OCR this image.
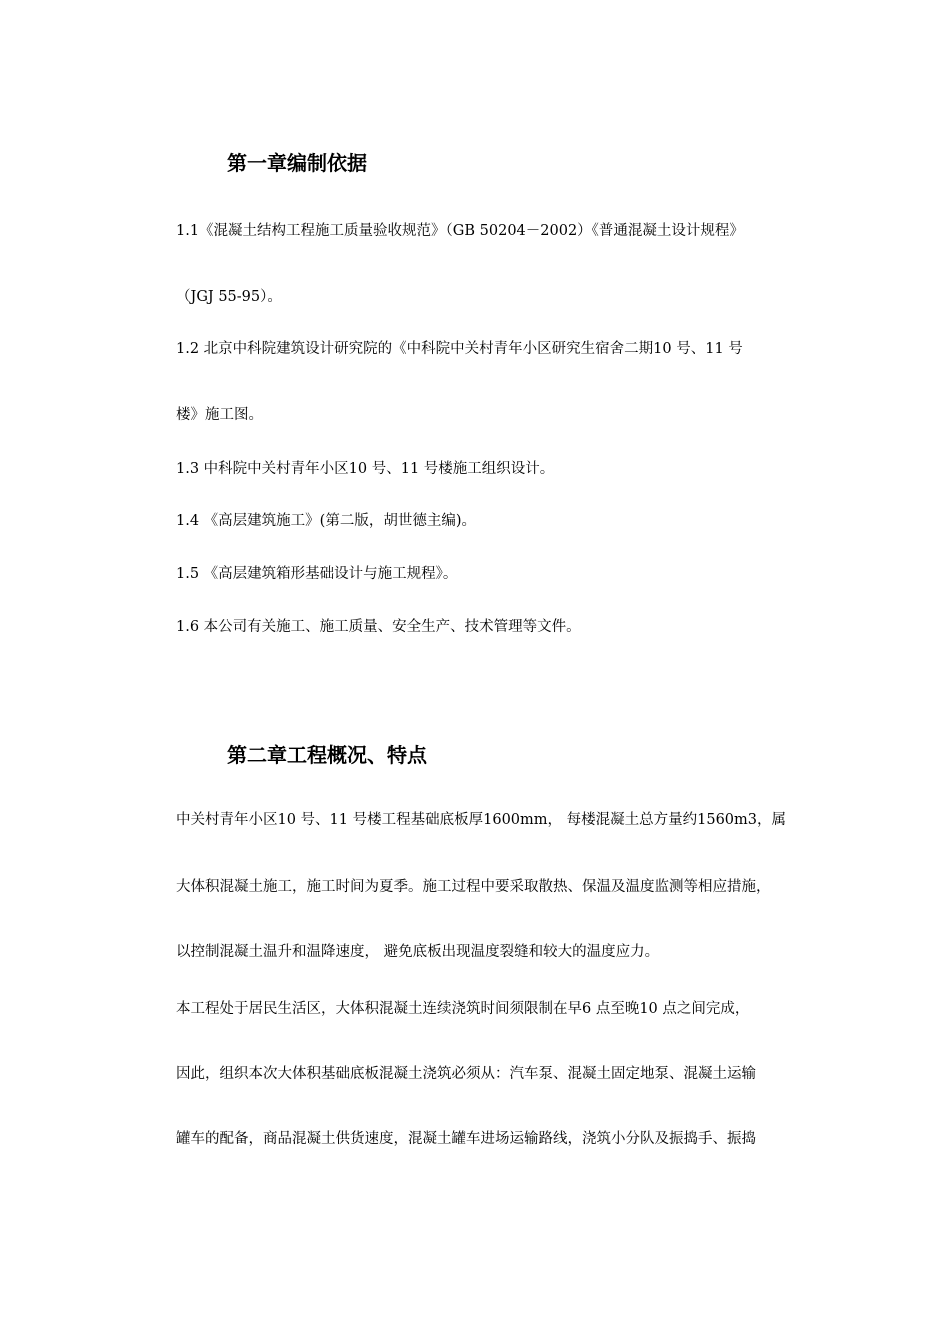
第一章编制依据
1.1《混凝土结构工程施工质量验收规范》（GB 50204－2002）《普通混凝土设计规程》
（JGJ 55-95）。
1.2 北京中科院建筑设计研究院的《中科院中关村青年小区研究生宿舍二期10 号、11 号
楼》施工图。
1.3 中科院中关村青年小区10 号、11 号楼施工组织设计。
1.4 《高层建筑施工》(第二版，胡世德主编)。
1.5 《高层建筑箱形基础设计与施工规程》。
1.6 本公司有关施工、施工质量、安全生产、技术管理等文件。
第二章工程概况、特点
中关村青年小区10 号、11 号楼工程基础底板厚1600mm， 每楼混凝土总方量约1560m3，属
大体积混凝土施工，施工时间为夏季。施工过程中要采取散热、保温及温度监测等相应措施，
以控制混凝土温升和温降速度， 避免底板出现温度裂缝和较大的温度应力。
本工程处于居民生活区，大体积混凝土连续浇筑时间须限制在早6 点至晚10 点之间完成，
因此，组织本次大体积基础底板混凝土浇筑必须从：汽车泵、混凝土固定地泵、混凝土运输
罐车的配备，商品混凝土供货速度，混凝土罐车进场运输路线，浇筑小分队及振捣手、振捣
